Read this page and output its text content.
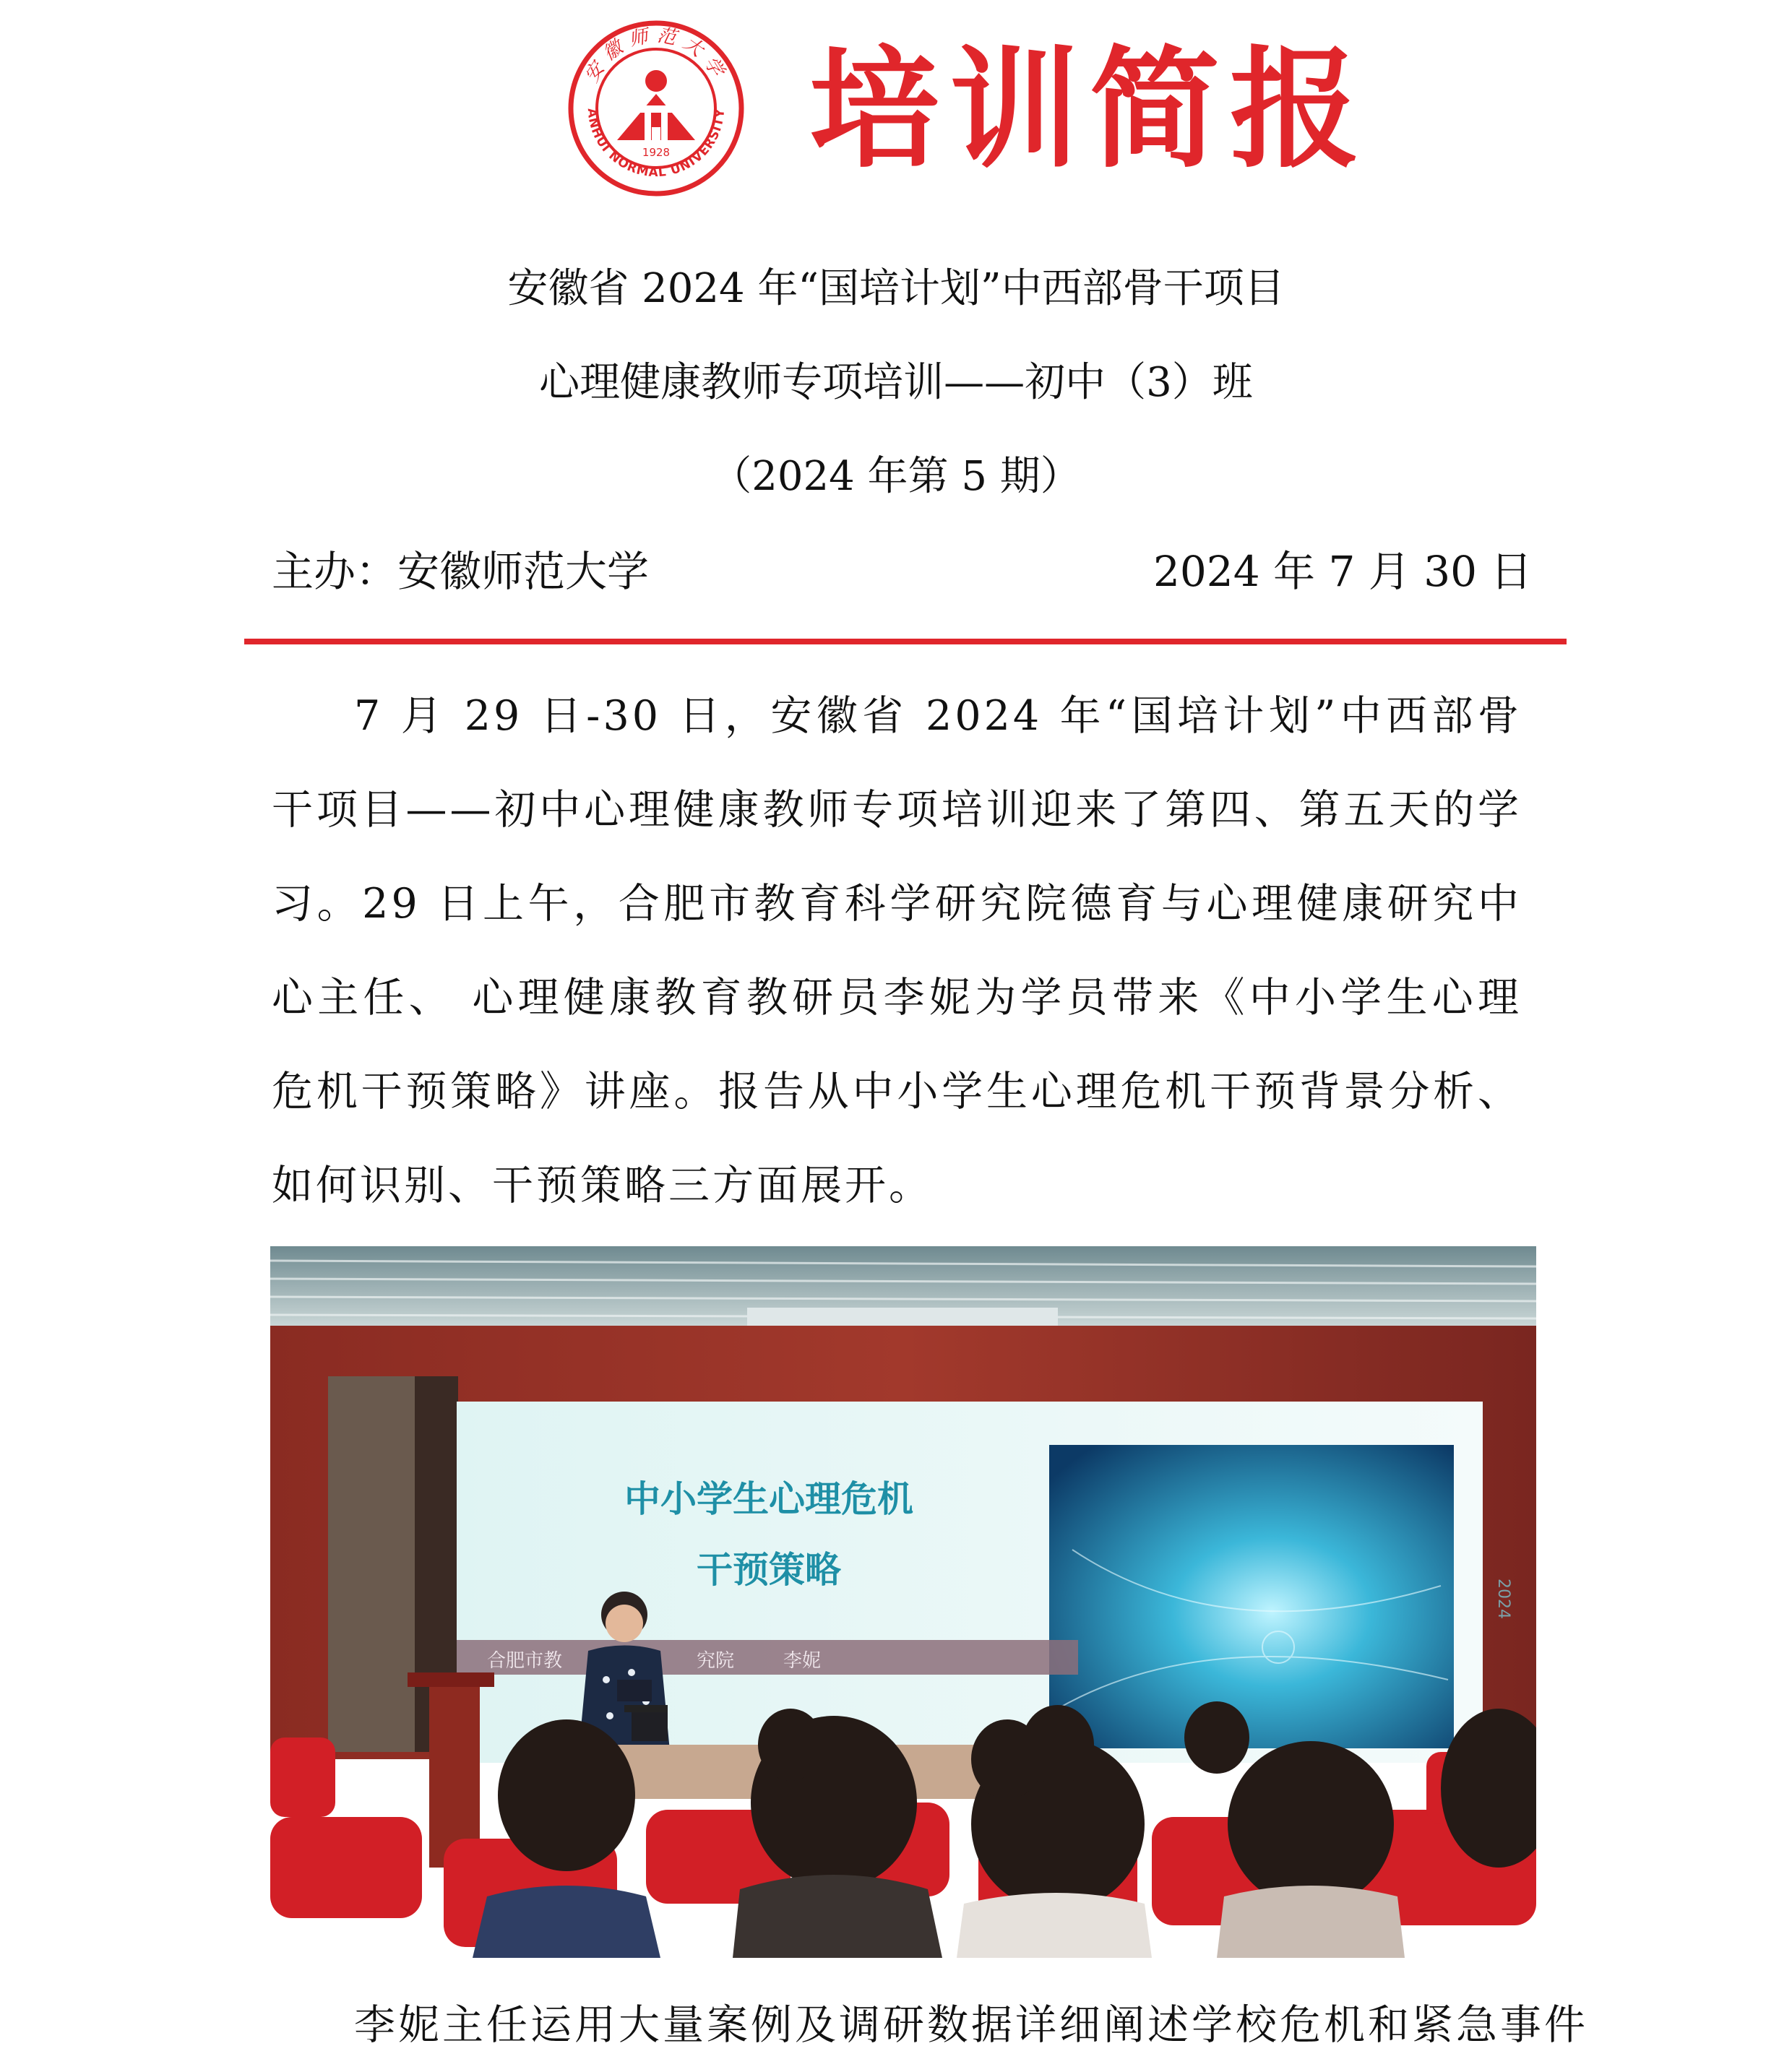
ANHUI NORMAL UNIVERSITY
安徽师范大学
1928 培训简报
安徽省 2024 年“国培计划”中西部骨干项目
心理健康教师专项培训——初中（3）班
（2024 年第 5 期）
主办：安徽师范大学	2024 年 7 月 30 日
7 月 29 日-30 日，安徽省 2024 年“国培计划”中西部骨干项目——初中心理健康教师专项培训迎来了第四、第五天的学习。29 日上午，合肥市教育科学研究院德育与心理健康研究中心主任、 心理健康教育教研员李妮为学员带来《中小学生心理危机干预策略》讲座。报告从中小学生心理危机干预背景分析、如何识别、干预策略三方面展开。
中小学生心理危机
干预策略
合肥市教	究院	李妮
2024
李妮主任运用大量案例及调研数据详细阐述学校危机和紧急事件
